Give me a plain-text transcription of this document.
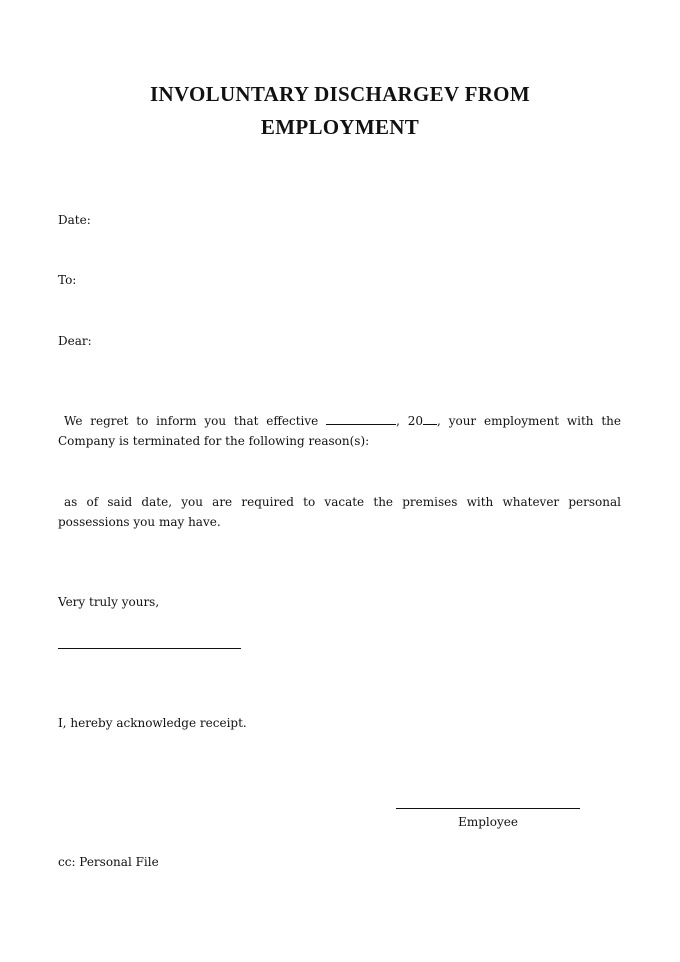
INVOLUNTARY DISCHARGEV FROM
EMPLOYMENT

Date:

To:

Dear:

We regret to inform you that effective	, 20 , your employment with the Company is terminated for the following reason(s):

as of said date, you are required to vacate the premises with whatever personal possessions you may have.

Very truly yours,

I, hereby acknowledge receipt.

Employee

cc: Personal File
